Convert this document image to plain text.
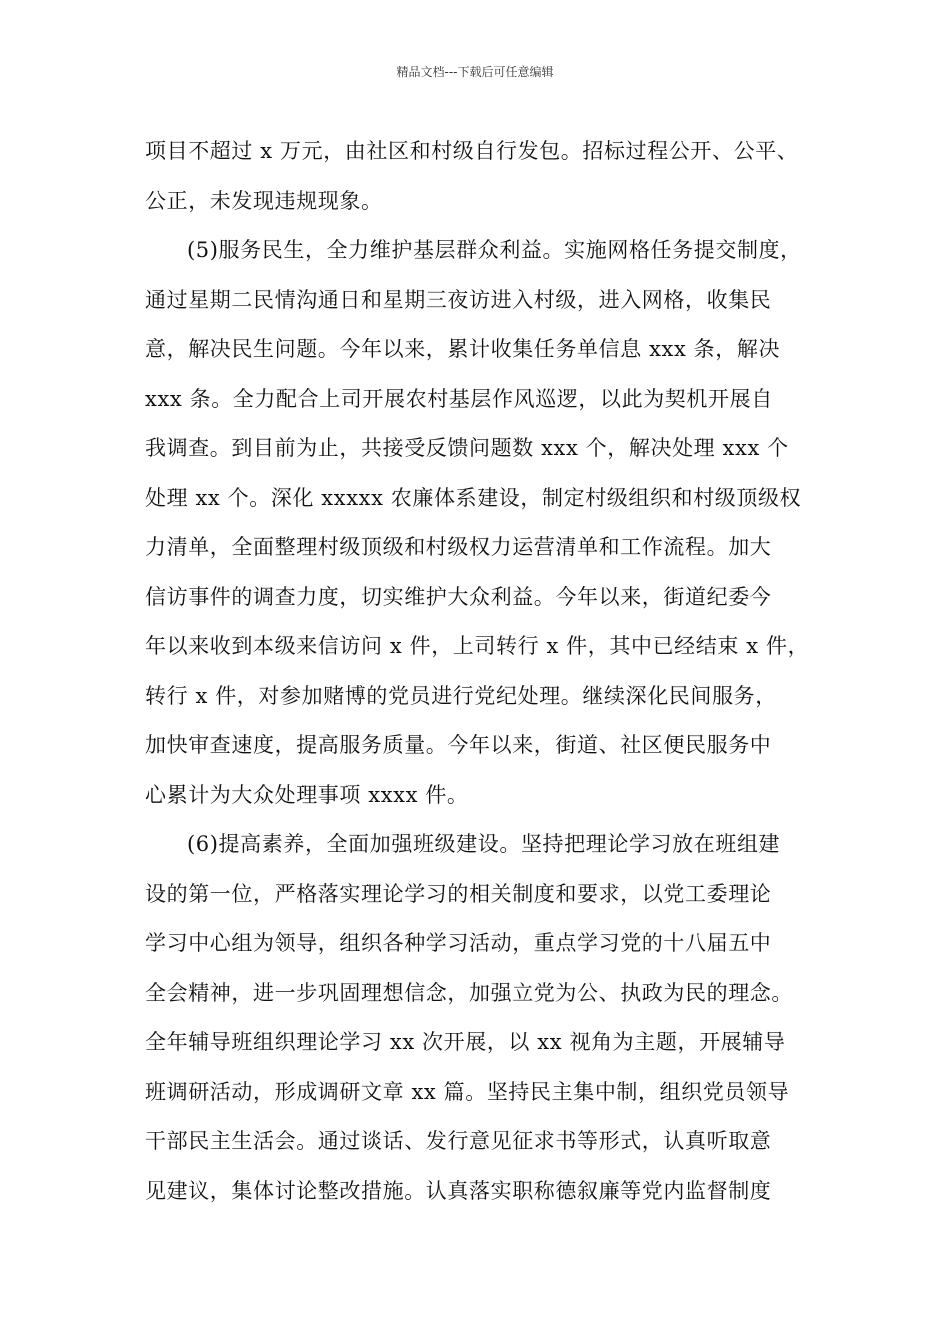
精品文档---下载后可任意编辑
项目不超过 x 万元，由社区和村级自行发包。招标过程公开、公平、
公正，未发现违规现象。
(5)服务民生，全力维护基层群众利益。实施网格任务提交制度，
通过星期二民情沟通日和星期三夜访进入村级，进入网格，收集民
意，解决民生问题。今年以来，累计收集任务单信息 xxx 条，解决
xxx 条。全力配合上司开展农村基层作风巡逻，以此为契机开展自
我调查。到目前为止，共接受反馈问题数 xxx 个，解决处理 xxx 个
处理 xx 个。深化 xxxxx 农廉体系建设，制定村级组织和村级顶级权
力清单，全面整理村级顶级和村级权力运营清单和工作流程。加大
信访事件的调查力度，切实维护大众利益。今年以来，街道纪委今
年以来收到本级来信访问 x 件，上司转行 x 件，其中已经结束 x 件，
转行 x 件，对参加赌博的党员进行党纪处理。继续深化民间服务，
加快审查速度，提高服务质量。今年以来，街道、社区便民服务中
心累计为大众处理事项 xxxx 件。
(6)提高素养，全面加强班级建设。坚持把理论学习放在班组建
设的第一位，严格落实理论学习的相关制度和要求，以党工委理论
学习中心组为领导，组织各种学习活动，重点学习党的十八届五中
全会精神，进一步巩固理想信念，加强立党为公、执政为民的理念。
全年辅导班组织理论学习 xx 次开展，以 xx 视角为主题，开展辅导
班调研活动，形成调研文章 xx 篇。坚持民主集中制，组织党员领导
干部民主生活会。通过谈话、发行意见征求书等形式，认真听取意
见建议，集体讨论整改措施。认真落实职称德叙廉等党内监督制度
